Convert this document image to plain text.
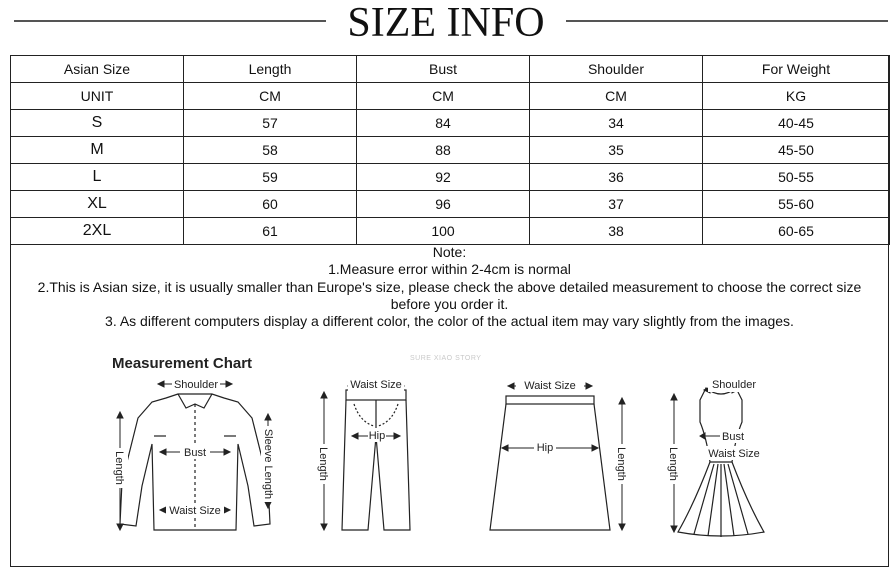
SIZE INFO
Asian Size	Length	Bust	Shoulder	For Weight
UNIT	CM	CM	CM	KG
S	57	84	34	40-45
M	58	88	35	45-50
L	59	92	36	50-55
XL	60	96	37	55-60
2XL	61	100	38	60-65
Note:
1.Measure error within 2-4cm is normal
2.This is Asian size, it is usually smaller than Europe's size, please check the above detailed measurement to choose the correct size
before you order it.
3. As different computers display a different color, the color of the actual item may vary slightly from the images.
Measurement Chart	SURE XIAO STORY
Shoulder
Bust
Waist Size
Length	Sleeve Length
Waist Size
Hip
Length
Waist Size
Hip	Length
Shoulder
Bust
Waist Size
Length
